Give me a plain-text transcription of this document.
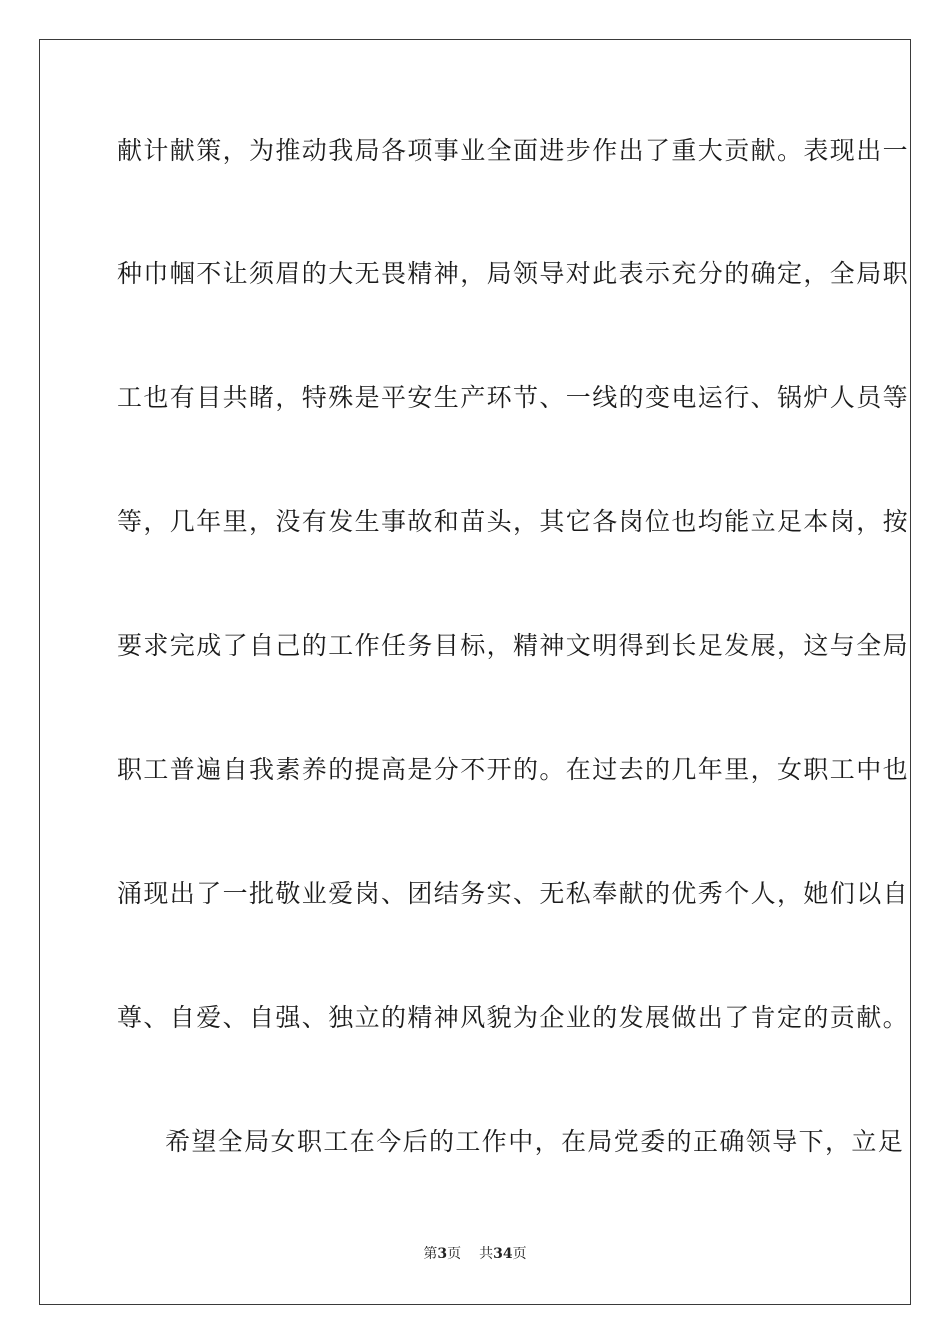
献计献策，为推动我局各项事业全面进步作出了重大贡献。表现出一
种巾帼不让须眉的大无畏精神，局领导对此表示充分的确定，全局职
工也有目共睹，特殊是平安生产环节、一线的变电运行、锅炉人员等
等，几年里，没有发生事故和苗头，其它各岗位也均能立足本岗，按
要求完成了自己的工作任务目标，精神文明得到长足发展，这与全局
职工普遍自我素养的提高是分不开的。在过去的几年里，女职工中也
涌现出了一批敬业爱岗、团结务实、无私奉献的优秀个人，她们以自
尊、自爱、自强、独立的精神风貌为企业的发展做出了肯定的贡献。
希望全局女职工在今后的工作中，在局党委的正确领导下，立足
第3页 共34页
